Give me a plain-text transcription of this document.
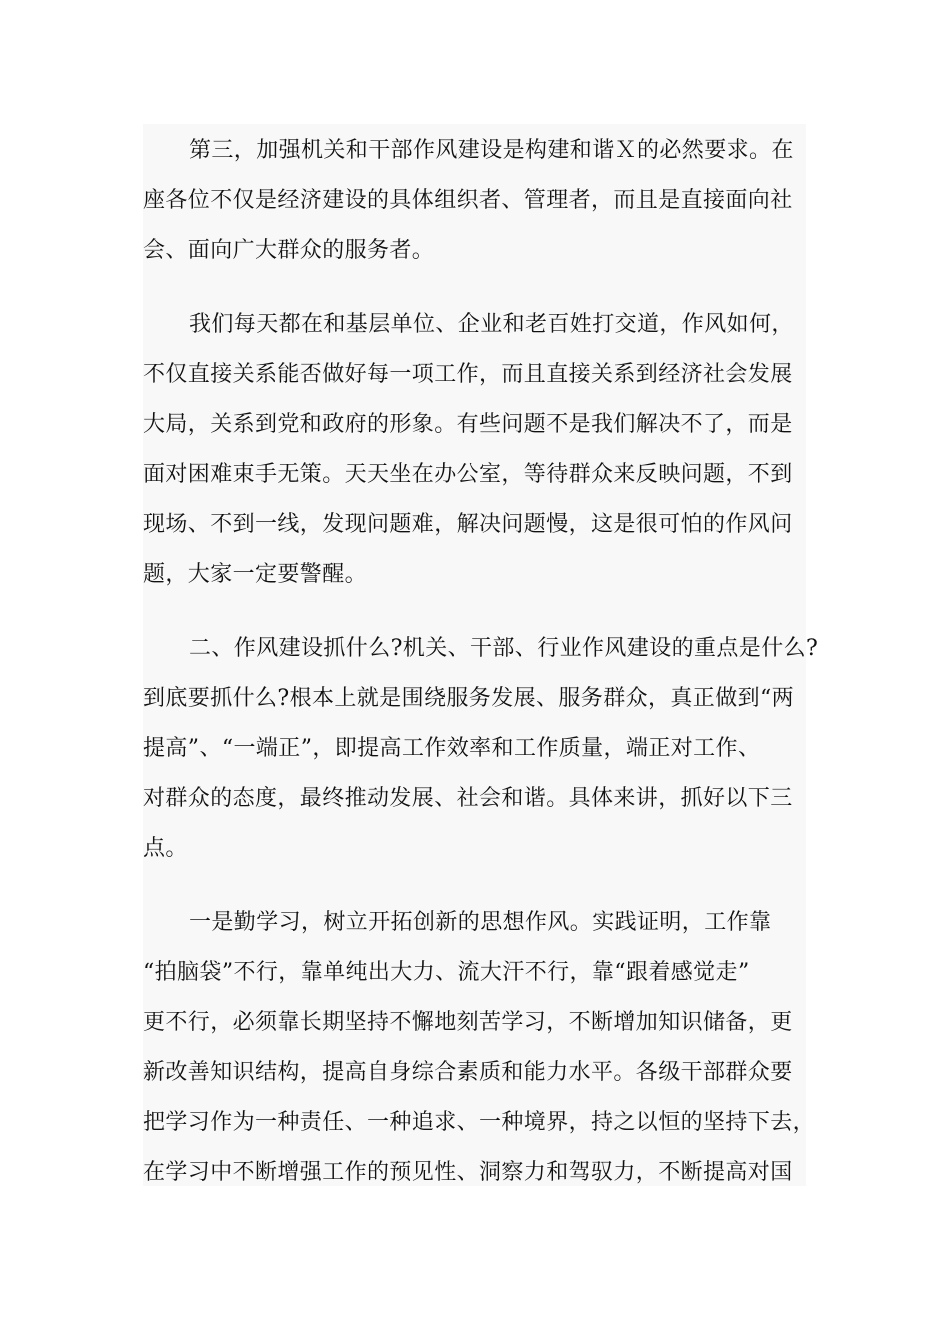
第三，加强机关和干部作风建设是构建和谐Ｘ的必然要求。在
座各位不仅是经济建设的具体组织者、管理者，而且是直接面向社
会、面向广大群众的服务者。
我们每天都在和基层单位、企业和老百姓打交道，作风如何，
不仅直接关系能否做好每一项工作，而且直接关系到经济社会发展
大局，关系到党和政府的形象。有些问题不是我们解决不了，而是
面对困难束手无策。天天坐在办公室，等待群众来反映问题，不到
现场、不到一线，发现问题难，解决问题慢，这是很可怕的作风问
题，大家一定要警醒。
二、作风建设抓什么?机关、干部、行业作风建设的重点是什么?
到底要抓什么?根本上就是围绕服务发展、服务群众，真正做到“两
提高”、“一端正”，即提高工作效率和工作质量，端正对工作、
对群众的态度，最终推动发展、社会和谐。具体来讲，抓好以下三
点。
一是勤学习，树立开拓创新的思想作风。实践证明，工作靠
“拍脑袋”不行，靠单纯出大力、流大汗不行，靠“跟着感觉走”
更不行，必须靠长期坚持不懈地刻苦学习，不断增加知识储备，更
新改善知识结构，提高自身综合素质和能力水平。各级干部群众要
把学习作为一种责任、一种追求、一种境界，持之以恒的坚持下去，
在学习中不断增强工作的预见性、洞察力和驾驭力，不断提高对国
